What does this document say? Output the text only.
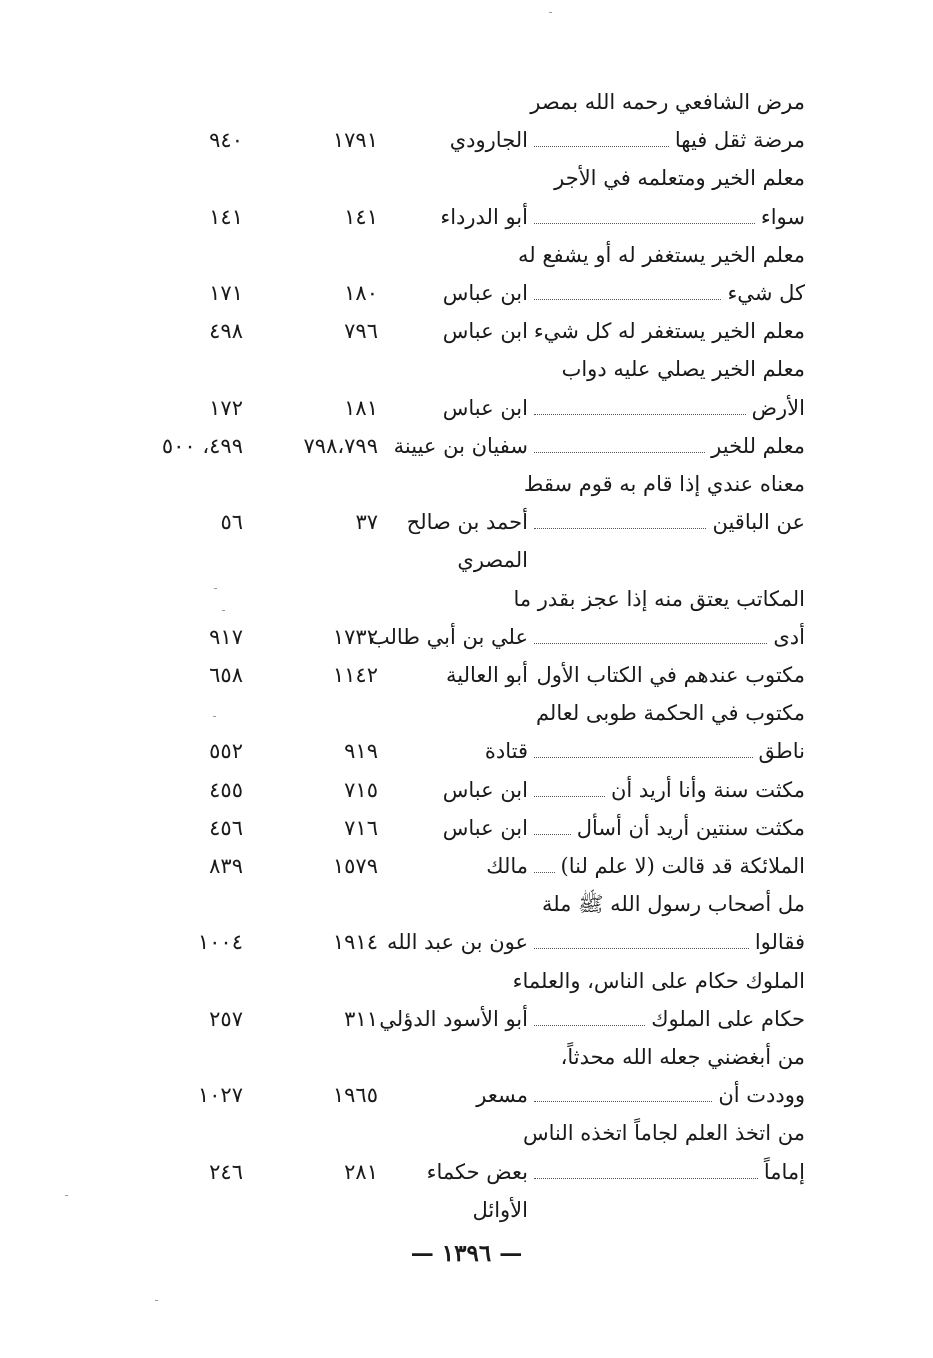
مرض الشافعي رحمه الله بمصر
مرضة ثقل فيها
الجارودي
١٧٩١
٩٤٠
معلم الخير ومتعلمه في الأجر
سواء
أبو الدرداء
١٤١
١٤١
معلم الخير يستغفر له أو يشفع له
كل شيء
ابن عباس
١٨٠
١٧١
معلم الخير يستغفر له كل شيء
ابن عباس
٧٩٦
٤٩٨
معلم الخير يصلي عليه دواب
الأرض
ابن عباس
١٨١
١٧٢
معلم للخير
سفيان بن عيينة
٧٩٨،٧٩٩
٤٩٩، ٥٠٠
معناه عندي إذا قام به قوم سقط
عن الباقين
أحمد بن صالح
٣٧
٥٦
المصري
المكاتب يعتق منه إذا عجز بقدر ما
أدى
علي بن أبي طالب
١٧٣٢
٩١٧
مكتوب عندهم في الكتاب الأول
أبو العالية
١١٤٢
٦٥٨
مكتوب في الحكمة طوبى لعالم
ناطق
قتادة
٩١٩
٥٥٢
مكثت سنة وأنا أريد أن
ابن عباس
٧١٥
٤٥٥
مكثت سنتين أريد أن أسأل
ابن عباس
٧١٦
٤٥٦
الملائكة قد قالت (لا علم لنا)
مالك
١٥٧٩
٨٣٩
مل أصحاب رسول الله ﷺ ملة
فقالوا
عون بن عبد الله
١٩١٤
١٠٠٤
الملوك حكام على الناس، والعلماء
حكام على الملوك
أبو الأسود الدؤلي
٣١١
٢٥٧
من أبغضني جعله الله محدثاً،
ووددت أن
مسعر
١٩٦٥
١٠٢٧
من اتخذ العلم لجاماً اتخذه الناس
إماماً
بعض حكماء
٢٨١
٢٤٦
الأوائل
— ١٣٩٦ —
